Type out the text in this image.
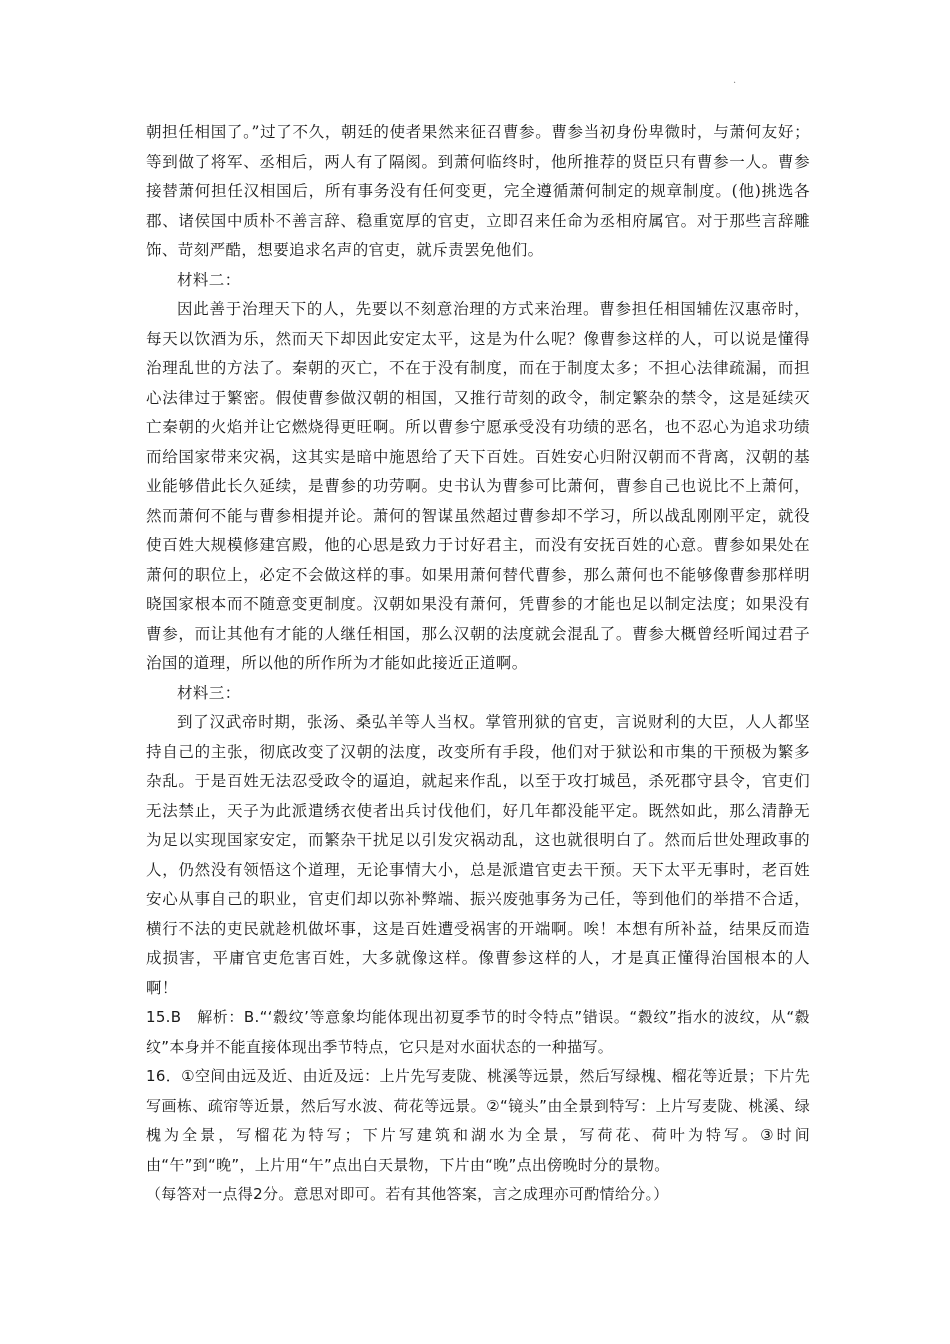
·

朝担任相国了。”过了不久，朝廷的使者果然来征召曹参。曹参当初身份卑微时，与萧何友好；等到做了将军、丞相后，两人有了隔阂。到萧何临终时，他所推荐的贤臣只有曹参一人。曹参接替萧何担任汉相国后，所有事务没有任何变更，完全遵循萧何制定的规章制度。(他)挑选各郡、诸侯国中质朴不善言辞、稳重宽厚的官吏，立即召来任命为丞相府属官。对于那些言辞雕饰、苛刻严酷，想要追求名声的官吏，就斥责罢免他们。

材料二：

因此善于治理天下的人，先要以不刻意治理的方式来治理。曹参担任相国辅佐汉惠帝时，每天以饮酒为乐，然而天下却因此安定太平，这是为什么呢？像曹参这样的人，可以说是懂得治理乱世的方法了。秦朝的灭亡，不在于没有制度，而在于制度太多；不担心法律疏漏，而担心法律过于繁密。假使曹参做汉朝的相国，又推行苛刻的政令，制定繁杂的禁令，这是延续灭亡秦朝的火焰并让它燃烧得更旺啊。所以曹参宁愿承受没有功绩的恶名，也不忍心为追求功绩而给国家带来灾祸，这其实是暗中施恩给了天下百姓。百姓安心归附汉朝而不背离，汉朝的基业能够借此长久延续，是曹参的功劳啊。史书认为曹参可比萧何，曹参自己也说比不上萧何，然而萧何不能与曹参相提并论。萧何的智谋虽然超过曹参却不学习，所以战乱刚刚平定，就役使百姓大规模修建宫殿，他的心思是致力于讨好君主，而没有安抚百姓的心意。曹参如果处在萧何的职位上，必定不会做这样的事。如果用萧何替代曹参，那么萧何也不能够像曹参那样明晓国家根本而不随意变更制度。汉朝如果没有萧何，凭曹参的才能也足以制定法度；如果没有曹参，而让其他有才能的人继任相国，那么汉朝的法度就会混乱了。曹参大概曾经听闻过君子治国的道理，所以他的所作所为才能如此接近正道啊。

材料三：

到了汉武帝时期，张汤、桑弘羊等人当权。掌管刑狱的官吏，言说财利的大臣，人人都坚持自己的主张，彻底改变了汉朝的法度，改变所有手段，他们对于狱讼和市集的干预极为繁多杂乱。于是百姓无法忍受政令的逼迫，就起来作乱，以至于攻打城邑，杀死郡守县令，官吏们无法禁止，天子为此派遣绣衣使者出兵讨伐他们，好几年都没能平定。既然如此，那么清静无为足以实现国家安定，而繁杂干扰足以引发灾祸动乱，这也就很明白了。然而后世处理政事的人，仍然没有领悟这个道理，无论事情大小，总是派遣官吏去干预。天下太平无事时，老百姓安心从事自己的职业，官吏们却以弥补弊端、振兴废弛事务为己任，等到他们的举措不合适，横行不法的吏民就趁机做坏事，这是百姓遭受祸害的开端啊。唉！本想有所补益，结果反而造成损害，平庸官吏危害百姓，大多就像这样。像曹参这样的人，才是真正懂得治国根本的人啊！

15.B　解析：B.“‘縠纹’等意象均能体现出初夏季节的时令特点”错误。“縠纹”指水的波纹，从“縠纹”本身并不能直接体现出季节特点，它只是对水面状态的一种描写。

16．①空间由远及近、由近及远：上片先写麦陇、桃溪等远景，然后写绿槐、榴花等近景；下片先写画栋、疏帘等近景，然后写水波、荷花等远景。②“镜头”由全景到特写：上片写麦陇、桃溪、绿槐为全景，写榴花为特写；下片写建筑和湖水为全景，写荷花、荷叶为特写。③时间由“午”到“晚”，上片用“午”点出白天景物，下片由“晚”点出傍晚时分的景物。

（每答对一点得2分。意思对即可。若有其他答案，言之成理亦可酌情给分。）
